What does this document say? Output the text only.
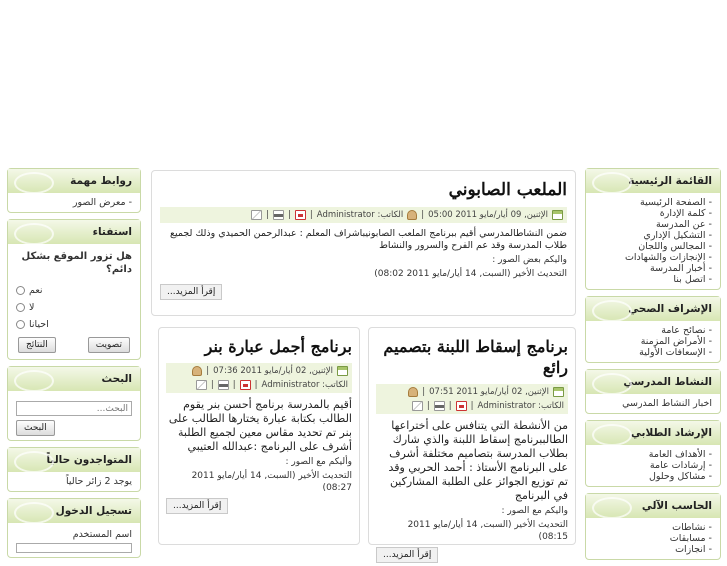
روابط مهمة
- معرض الصور
استفتاء
هل تزور الموقع بشكل دائم؟
نعم
لا
احيانا
النتائج	تصويت
البحث
البحث...
البحث
المتواجدون حالياً
يوجد 2 زائر حالياً
تسجيل الدخول
اسم المستخدم
القائمة الرئيسية
- الصفحة الرئيسية
- كلمة الإدارة
- عن المدرسة
- التشكيل الإداري
- المجالس واللجان
- الإنجازات والشهادات
- أخبار المدرسة
- اتصل بنا
الإشراف الصحي
- نصائح عامة
- الأمراض المزمنة
- الإسعافات الأولية
النشاط المدرسي
اخبار النشاط المدرسي
الإرشاد الطلابي
- الأهداف العامة
- إرشادات عامة
- مشاكل وحلول
الحاسب الآلي
- نشاطات
- مسابقات
- انجازات
الملعب الصابوني
الإثنين, 09 أيار/مايو 2011 05:00
|
الكاتب: Administrator
|
|
|
ضمن النشاطالمدرسي أقيم ببرنامج الملعب الصابونيباشراف المعلم : عبدالرحمن الحميدي وذلك لجميع طلاب المدرسة وقد عم الفرح والسرور والنشاط
واليكم بعض الصور :
التحديث الأخير (السبت, 14 أيار/مايو 2011 08:02)
إقرأ المزيد...
برنامج إسقاط اللبنة بتصميم رائع
الإثنين, 02 أيار/مايو 2011 07:51
|
الكاتب: Administrator
|
|
|
من الأنشطة التي يتنافس على أختراعها الطالببرنامج إسقاط اللبنة والذي شارك بطلاب المدرسة بتصاميم مختلفة أشرف على البرنامج الأستاذ : أحمد الحربي وقد تم توزيع الجوائز على الطلبة المشاركين في البرنامج
واليكم مع الصور :
التحديث الأخير (السبت, 14 أيار/مايو 2011 08:15)
إقرأ المزيد...
برنامج أجمل عبارة بنر
الإثنين, 02 أيار/مايو 2011 07:36
|
الكاتب: Administrator
|
|
|
أقيم بالمدرسة برنامج أحسن بنر يقوم الطالب بكتابة عبارة يختارها الطالب على بنر تم تحديد مقاس معين لجميع الطلبة أشرف على البرنامج :عبدالله العتيبي
وأليكم مع الصور :
التحديث الأخير (السبت, 14 أيار/مايو 2011 08:27)
إقرأ المزيد...
